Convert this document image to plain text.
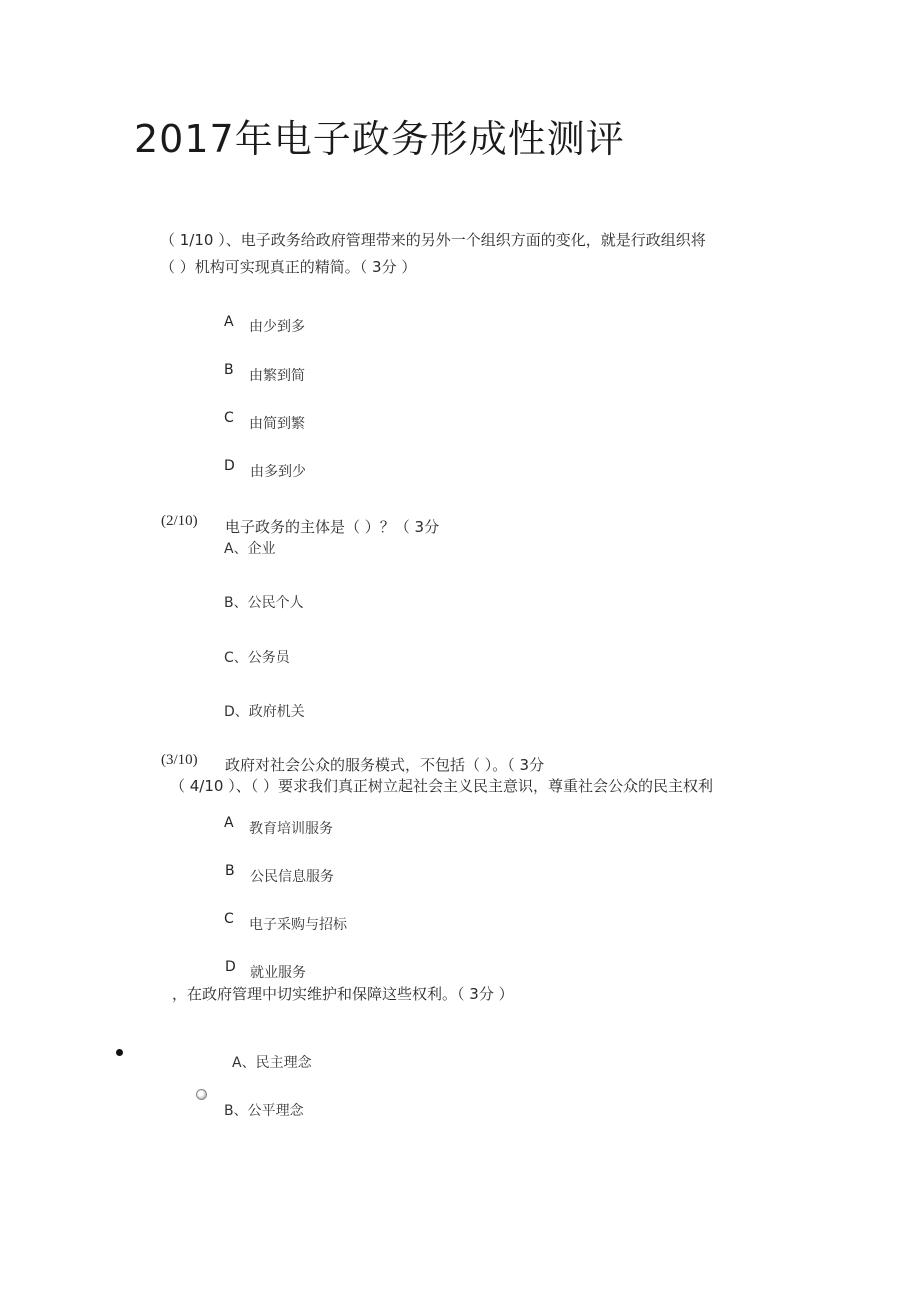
2017年电子政务形成性测评
（ 1/10 ）、电子政务给政府管理带来的另外一个组织方面的变化，就是行政组织将
（ ）机构可实现真正的精简。（ 3分 ）
A 由少到多
B 由繁到简
C 由简到繁
D 由多到少
(2/10) 电子政务的主体是（ ）？（ 3分
A、企业
B、公民个人
C、公务员
D、政府机关
(3/10) 政府对社会公众的服务模式，不包括（ ）。（ 3分
（ 4/10 ）、（ ）要求我们真正树立起社会主义民主意识，尊重社会公众的民主权利
A 教育培训服务
B 公民信息服务
C 电子采购与招标
D 就业服务
，在政府管理中切实维护和保障这些权利。（ 3分 ）
A、民主理念
B、公平理念
